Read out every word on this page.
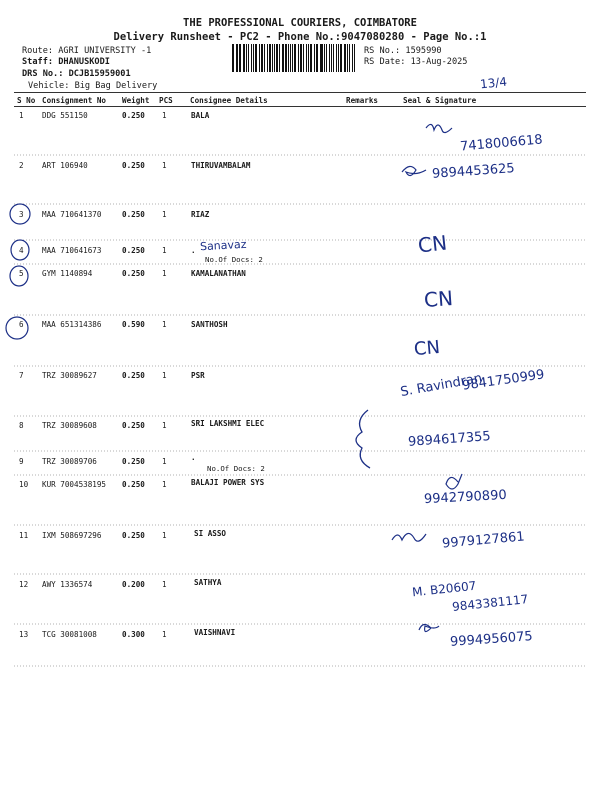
THE PROFESSIONAL COURIERS, COIMBATORE
Delivery Runsheet - PC2 - Phone No.:9047080280 - Page No.:1
Route: AGRI UNIVERSITY -1
Staff: DHANUSKODI
DRS No.: DCJB15959001
Vehicle: Big Bag Delivery
RS No.: 1595990
RS Date: 13-Aug-2025
13/4
S No Consignment No Weight PCS Consignee Details	Remarks	Seal & Signature
1 DDG 551150	0.250 1	BALA
2 ART 106940	0.250 1	THIRUVAMBALAM
3 MAA 710641370	0.250 1	RIAZ
4 MAA 710641673	0.250 1	.
No.Of Docs: 2
5 GYM 1140894	0.250 1	KAMALANATHAN
6 MAA 651314386	0.590 1	SANTHOSH
7 TRZ 30089627	0.250 1	PSR
8 TRZ 30089608	0.250 1	SRI LAKSHMI ELEC
9 TRZ 30089706	0.250 1	.
No.Of Docs: 2
10 KUR 7004538195 0.250 1	BALAJI POWER SYS
11 IXM 508697296	0.250 1	SI ASSO
12 AWY 1336574	0.200 1	SATHYA
13 TCG 30081008	0.300 1	VAISHNAVI
7418006618
9894453625
Sanavaz	CN
CN
CN
S. Ravindran
9841750999
9894617355
9942790890
9979127861
M. B20607
9843381117
9994956075
